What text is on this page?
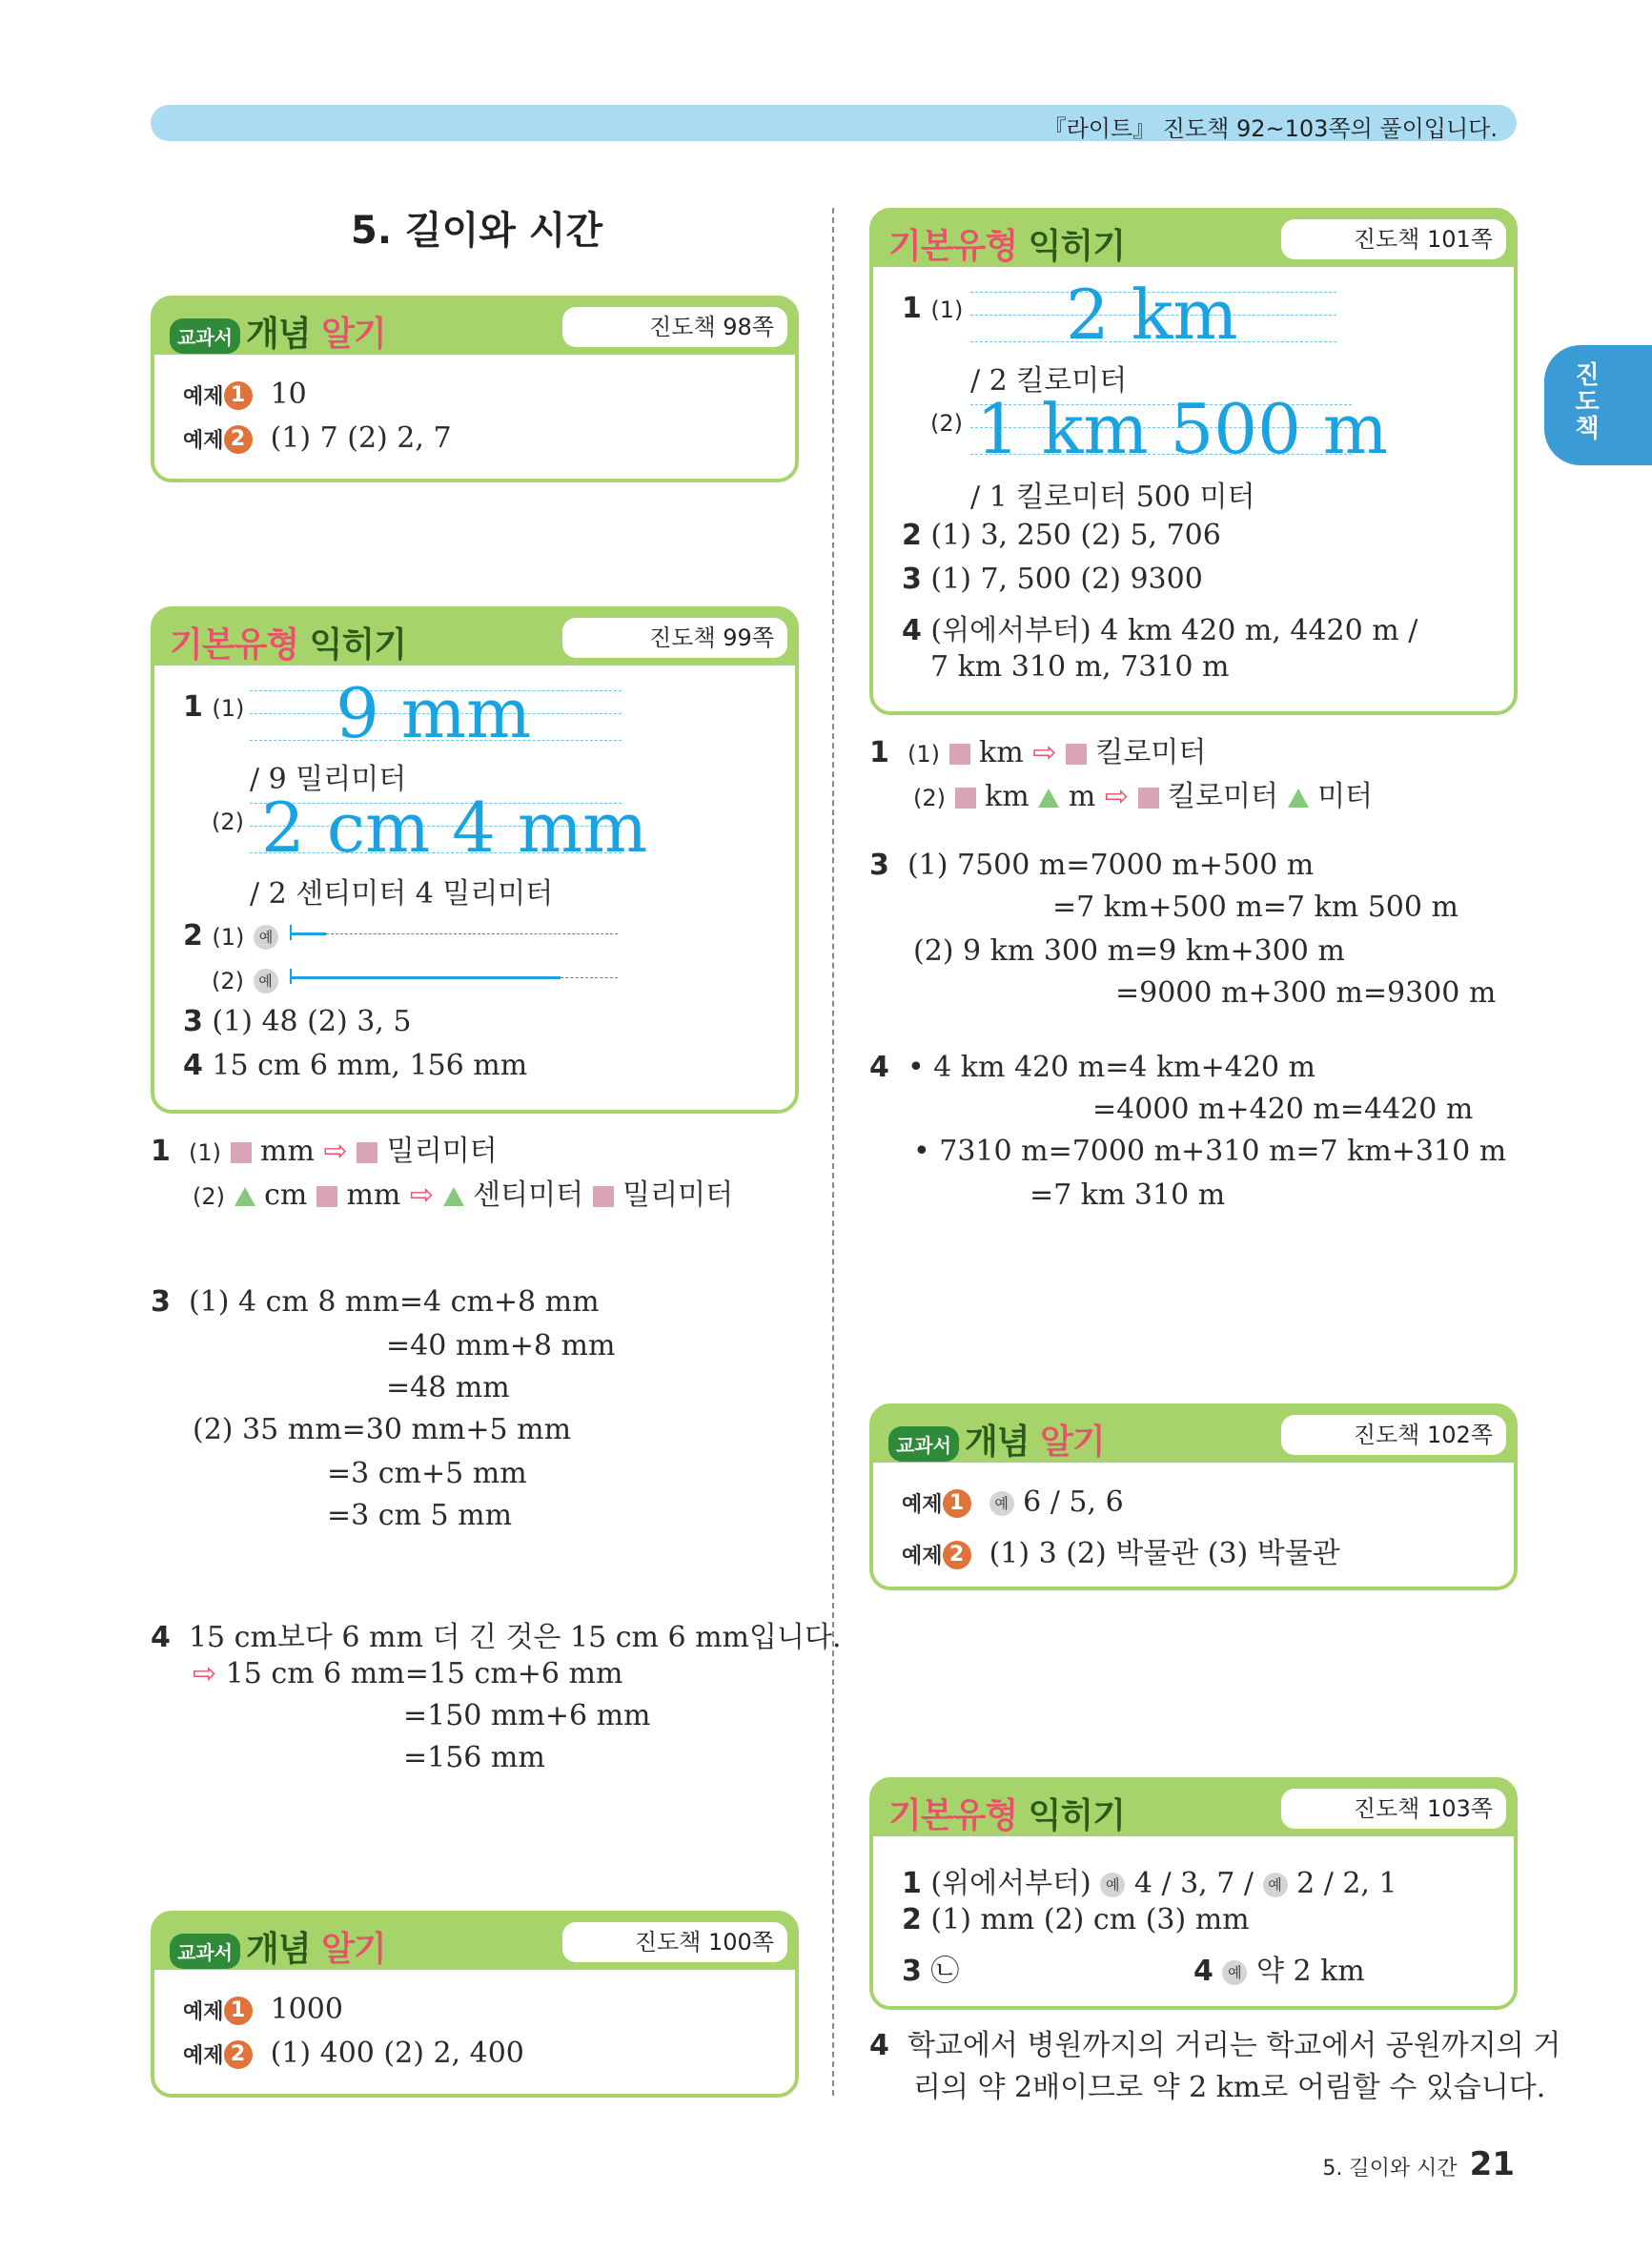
『라이트』 진도책 92~103쪽의 풀이입니다.
진도책
5. 길이와 시간
교과서 개념 알기	진도책 98쪽
예제 1 10
예제 2 (1) 7 (2) 2, 7
기본유형 익히기	진도책 99쪽
1 (1) 9 mm
/ 9 밀리미터
(2) 2 cm 4 mm
/ 2 센티미터 4 밀리미터
2 (1) 예
(2) 예
3 (1) 48 (2) 3, 5
4 15 cm 6 mm, 156 mm
1 (1) mm ⇨ 밀리미터
(2) cm mm ⇨ 센티미터 밀리미터
3 (1) 4 cm 8 mm=4 cm+8 mm
=40 mm+8 mm
=48 mm
(2) 35 mm=30 mm+5 mm
=3 cm+5 mm
=3 cm 5 mm
4 15 cm보다 6 mm 더 긴 것은 15 cm 6 mm입니다.
⇨ 15 cm 6 mm=15 cm+6 mm
=150 mm+6 mm
=156 mm
교과서 개념 알기	진도책 100쪽
예제 1 1000
예제 2 (1) 400 (2) 2, 400
기본유형 익히기	진도책 101쪽
1 (1) 2 km
/ 2 킬로미터
(2) 1 km 500 m
/ 1 킬로미터 500 미터
2 (1) 3, 250 (2) 5, 706
3 (1) 7, 500 (2) 9300
4 (위에서부터) 4 km 420 m, 4420 m /
7 km 310 m, 7310 m
1 (1) km ⇨ 킬로미터
(2) km m ⇨ 킬로미터 미터
3 (1) 7500 m=7000 m+500 m
=7 km+500 m=7 km 500 m
(2) 9 km 300 m=9 km+300 m
=9000 m+300 m=9300 m
4 • 4 km 420 m=4 km+420 m
=4000 m+420 m=4420 m
• 7310 m=7000 m+310 m=7 km+310 m
=7 km 310 m
교과서 개념 알기	진도책 102쪽
예제 1 예 6 / 5, 6
예제 2 (1) 3 (2) 박물관 (3) 박물관
기본유형 익히기	진도책 103쪽
1 (위에서부터) 예 4 / 3, 7 / 예 2 / 2, 1
2 (1) mm (2) cm (3) mm
3 ㉡	4 예 약 2 km
4 학교에서 병원까지의 거리는 학교에서 공원까지의 거
리의 약 2배이므로 약 2 km로 어림할 수 있습니다.
5. 길이와 시간 21
